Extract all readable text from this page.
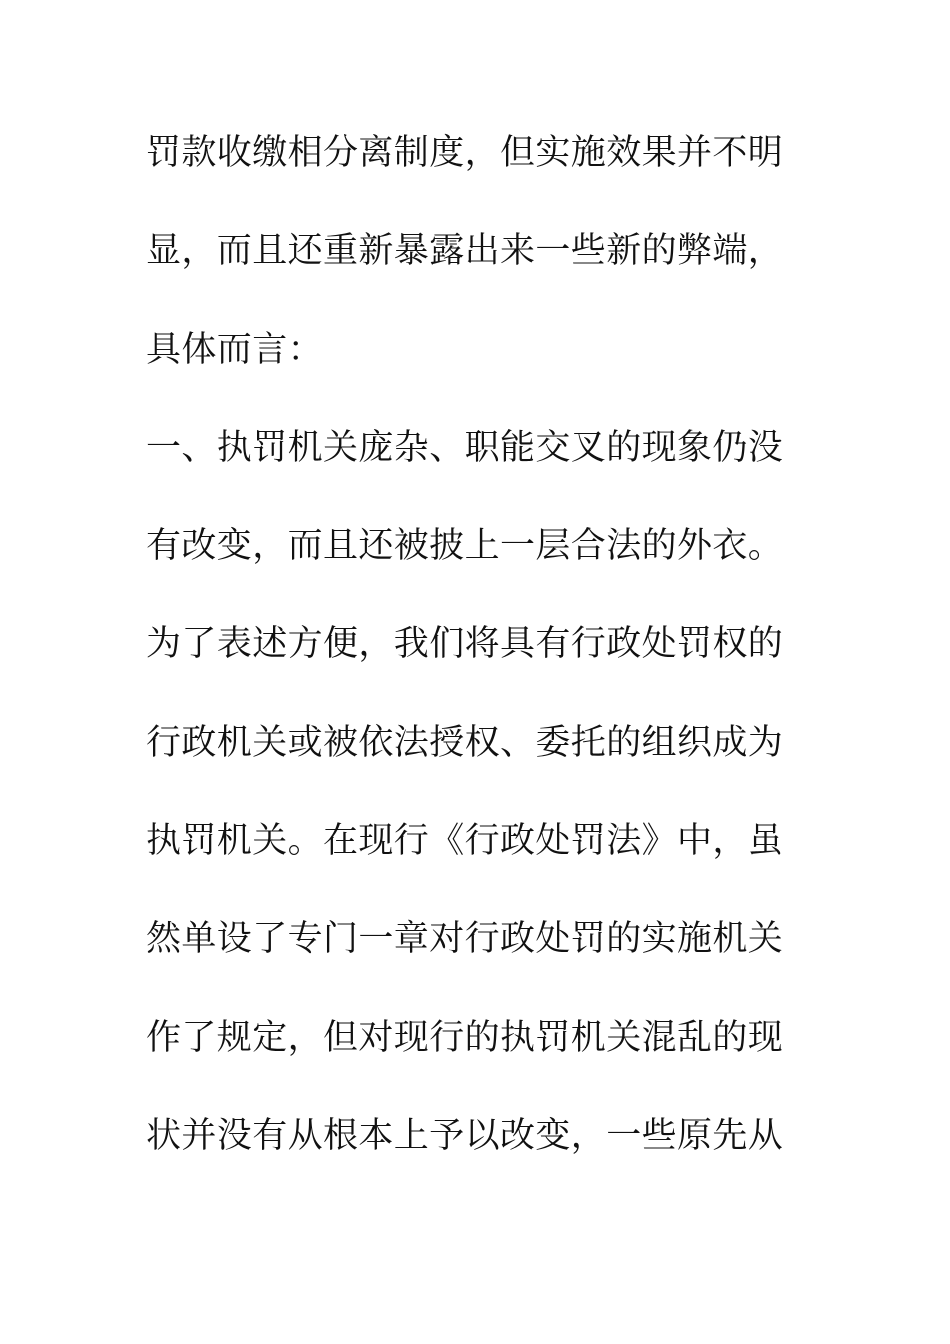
罚款收缴相分离制度，但实施效果并不明
显，而且还重新暴露出来一些新的弊端，
具体而言：
一、执罚机关庞杂、职能交叉的现象仍没
有改变，而且还被披上一层合法的外衣。
为了表述方便，我们将具有行政处罚权的
行政机关或被依法授权、委托的组织成为
执罚机关。在现行《行政处罚法》中，虽
然单设了专门一章对行政处罚的实施机关
作了规定，但对现行的执罚机关混乱的现
状并没有从根本上予以改变，一些原先从
